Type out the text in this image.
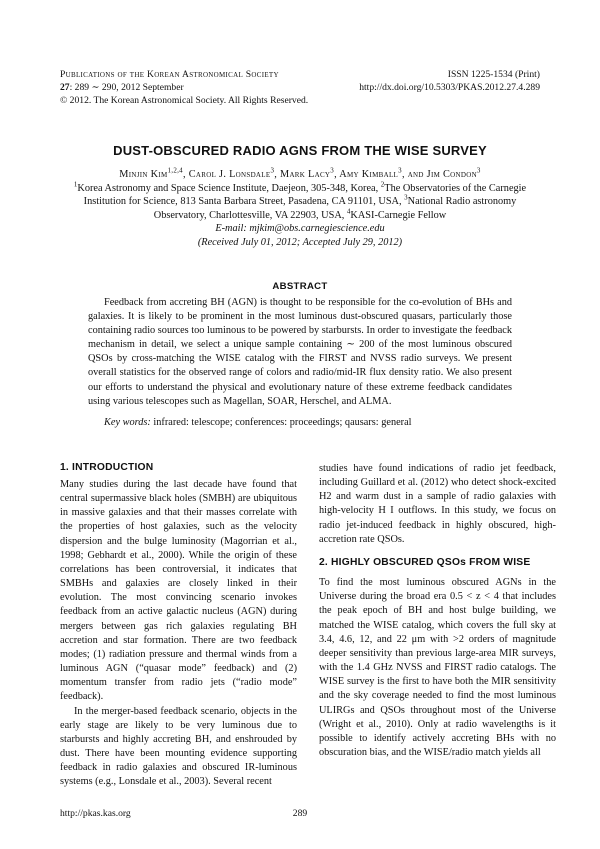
Publications of the Korean Astronomical Society
27: 289 ∼ 290, 2012 September
© 2012. The Korean Astronomical Society. All Rights Reserved.
ISSN 1225-1534 (Print)
http://dx.doi.org/10.5303/PKAS.2012.27.4.289
DUST-OBSCURED RADIO AGNS FROM THE WISE SURVEY
Minjin Kim$^{1,2,4}$, Carol J. Lonsdale$^3$, Mark Lacy$^3$, Amy Kimball$^3$, and Jim Condon$^3$
$^1$Korea Astronomy and Space Science Institute, Daejeon, 305-348, Korea, $^2$The Observatories of the Carnegie Institution for Science, 813 Santa Barbara Street, Pasadena, CA 91101, USA, $^3$National Radio astronomy Observatory, Charlottesville, VA 22903, USA, $^4$KASI-Carnegie Fellow
E-mail: mjkim@obs.carnegiescience.edu
(Received July 01, 2012; Accepted July 29, 2012)
ABSTRACT
Feedback from accreting BH (AGN) is thought to be responsible for the co-evolution of BHs and galaxies. It is likely to be prominent in the most luminous dust-obscured quasars, particularly those containing radio sources too luminous to be powered by starbursts. In order to investigate the feedback mechanism in detail, we select a unique sample containing ∼ 200 of the most luminous obscured QSOs by cross-matching the WISE catalog with the FIRST and NVSS radio surveys. We present overall statistics for the observed range of colors and radio/mid-IR flux density ratio. We also present our efforts to understand the physical and evolutionary nature of these extreme feedback candidates using various telescopes such as Magellan, SOAR, Herschel, and ALMA.
Key words: infrared: telescope; conferences: proceedings; qausars: general
1. INTRODUCTION

Many studies during the last decade have found that central supermassive black holes (SMBH) are ubiquitous in massive galaxies and that their masses correlate with the properties of host galaxies, such as the velocity dispersion and the bulge luminosity (Magorrian et al., 1998; Gebhardt et al., 2000). While the origin of these correlations has been controversial, it indicates that SMBHs and galaxies are closely linked in their evolution. The most convincing scenario invokes feedback from an active galactic nucleus (AGN) during mergers between gas rich galaxies regulating BH accretion and star formation. There are two feedback modes; (1) radiation pressure and thermal winds from a luminous AGN (“quasar mode” feedback) and (2) momentum transfer from radio jets (“radio mode” feedback).

In the merger-based feedback scenario, objects in the early stage are likely to be very luminous due to starbursts and highly accreting BH, and enshrouded by dust. There have been mounting evidence supporting feedback in radio galaxies and obscured IR-luminous systems (e.g., Lonsdale et al., 2003). Several recent

studies have found indications of radio jet feedback, including Guillard et al. (2012) who detect shock-excited H2 and warm dust in a sample of radio galaxies with high-velocity H I outflows. In this study, we focus on radio jet-induced feedback in highly obscured, high-accretion rate QSOs.

2. HIGHLY OBSCURED QSOs FROM WISE

To find the most luminous obscured AGNs in the Universe during the broad era 0.5 < z < 4 that includes the peak epoch of BH and host bulge building, we matched the WISE catalog, which covers the full sky at 3.4, 4.6, 12, and 22 μm with >2 orders of magnitude deeper sensitivity than previous large-area MIR surveys, with the 1.4 GHz NVSS and FIRST radio catalogs. The WISE survey is the first to have both the MIR sensitivity and the sky coverage needed to find the most luminous ULIRGs and QSOs throughout most of the Universe (Wright et al., 2010). Only at radio wavelengths is it possible to identify actively accreting BHs with no obscuration bias, and the WISE/radio match yields all

http://pkas.kas.org	289
